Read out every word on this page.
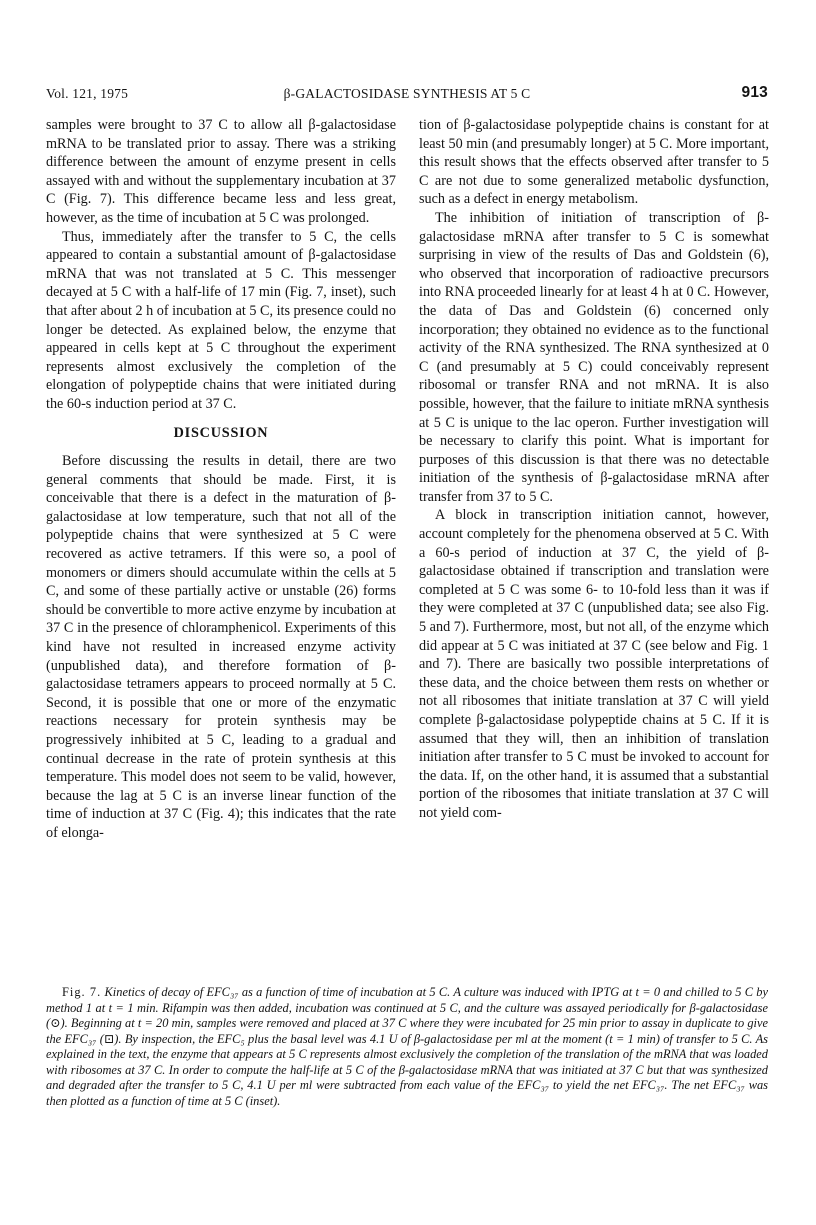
Vol. 121, 1975	β-GALACTOSIDASE SYNTHESIS AT 5 C	913

samples were brought to 37 C to allow all β-galactosidase mRNA to be translated prior to assay. There was a striking difference between the amount of enzyme present in cells assayed with and without the supplementary incubation at 37 C (Fig. 7). This difference became less and less great, however, as the time of incubation at 5 C was prolonged.

Thus, immediately after the transfer to 5 C, the cells appeared to contain a substantial amount of β-galactosidase mRNA that was not translated at 5 C. This messenger decayed at 5 C with a half-life of 17 min (Fig. 7, inset), such that after about 2 h of incubation at 5 C, its presence could no longer be detected. As explained below, the enzyme that appeared in cells kept at 5 C throughout the experiment represents almost exclusively the completion of the elongation of polypeptide chains that were initiated during the 60-s induction period at 37 C.

DISCUSSION

Before discussing the results in detail, there are two general comments that should be made. First, it is conceivable that there is a defect in the maturation of β-galactosidase at low temperature, such that not all of the polypeptide chains that were synthesized at 5 C were recovered as active tetramers. If this were so, a pool of monomers or dimers should accumulate within the cells at 5 C, and some of these partially active or unstable (26) forms should be convertible to more active enzyme by incubation at 37 C in the presence of chloramphenicol. Experiments of this kind have not resulted in increased enzyme activity (unpublished data), and therefore formation of β-galactosidase tetramers appears to proceed normally at 5 C. Second, it is possible that one or more of the enzymatic reactions necessary for protein synthesis may be progressively inhibited at 5 C, leading to a gradual and continual decrease in the rate of protein synthesis at this temperature. This model does not seem to be valid, however, because the lag at 5 C is an inverse linear function of the time of induction at 37 C (Fig. 4); this indicates that the rate of elonga-

tion of β-galactosidase polypeptide chains is constant for at least 50 min (and presumably longer) at 5 C. More important, this result shows that the effects observed after transfer to 5 C are not due to some generalized metabolic dysfunction, such as a defect in energy metabolism.

The inhibition of initiation of transcription of β-galactosidase mRNA after transfer to 5 C is somewhat surprising in view of the results of Das and Goldstein (6), who observed that incorporation of radioactive precursors into RNA proceeded linearly for at least 4 h at 0 C. However, the data of Das and Goldstein (6) concerned only incorporation; they obtained no evidence as to the functional activity of the RNA synthesized. The RNA synthesized at 0 C (and presumably at 5 C) could conceivably represent ribosomal or transfer RNA and not mRNA. It is also possible, however, that the failure to initiate mRNA synthesis at 5 C is unique to the lac operon. Further investigation will be necessary to clarify this point. What is important for purposes of this discussion is that there was no detectable initiation of the synthesis of β-galactosidase mRNA after transfer from 37 to 5 C.

A block in transcription initiation cannot, however, account completely for the phenomena observed at 5 C. With a 60-s period of induction at 37 C, the yield of β-galactosidase obtained if transcription and translation were completed at 5 C was some 6- to 10-fold less than it was if they were completed at 37 C (unpublished data; see also Fig. 5 and 7). Furthermore, most, but not all, of the enzyme which did appear at 5 C was initiated at 37 C (see below and Fig. 1 and 7). There are basically two possible interpretations of these data, and the choice between them rests on whether or not all ribosomes that initiate translation at 37 C will yield complete β-galactosidase polypeptide chains at 5 C. If it is assumed that they will, then an inhibition of translation initiation after transfer to 5 C must be invoked to account for the data. If, on the other hand, it is assumed that a substantial portion of the ribosomes that initiate translation at 37 C will not yield com-

Fig. 7. Kinetics of decay of EFC₃₇ as a function of time of incubation at 5 C. A culture was induced with IPTG at t = 0 and chilled to 5 C by method 1 at t = 1 min. Rifampin was then added, incubation was continued at 5 C, and the culture was assayed periodically for β-galactosidase (⊙). Beginning at t = 20 min, samples were removed and placed at 37 C where they were incubated for 25 min prior to assay in duplicate to give the EFC₃₇ (⊡). By inspection, the EFC₅ plus the basal level was 4.1 U of β-galactosidase per ml at the moment (t = 1 min) of transfer to 5 C. As explained in the text, the enzyme that appears at 5 C represents almost exclusively the completion of the translation of the mRNA that was loaded with ribosomes at 37 C. In order to compute the half-life at 5 C of the β-galactosidase mRNA that was initiated at 37 C but that was synthesized and degraded after the transfer to 5 C, 4.1 U per ml were subtracted from each value of the EFC₃₇ to yield the net EFC₃₇. The net EFC₃₇ was then plotted as a function of time at 5 C (inset).
